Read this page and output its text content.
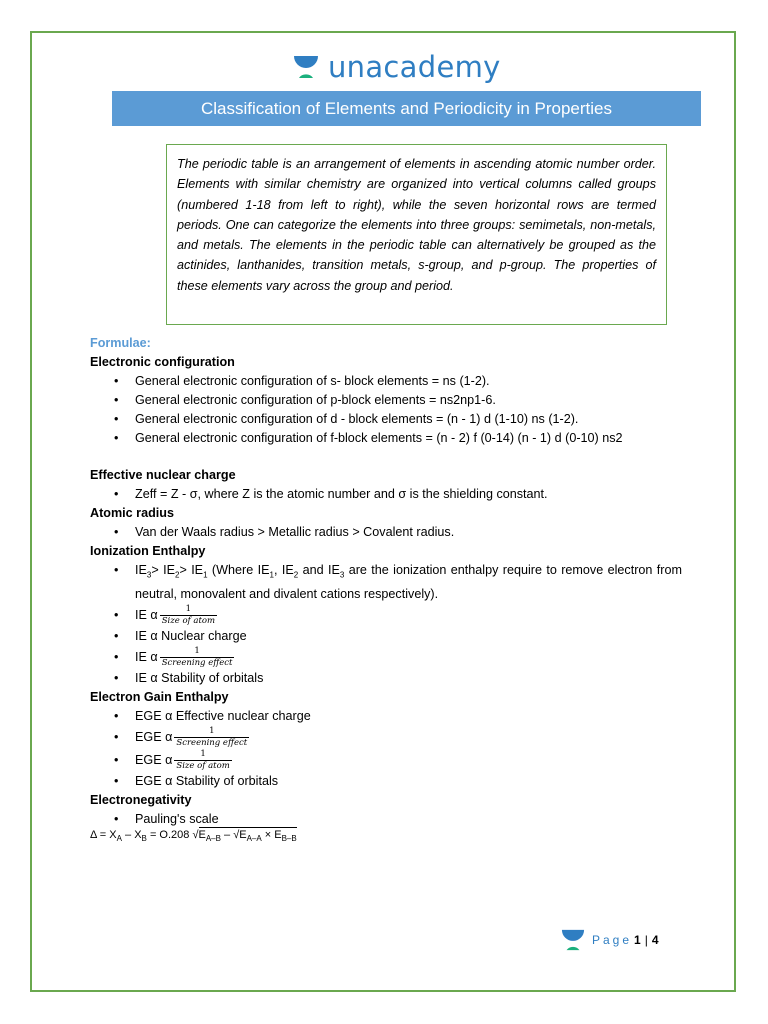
unacademy
Classification of Elements and Periodicity in Properties
The periodic table is an arrangement of elements in ascending atomic number order. Elements with similar chemistry are organized into vertical columns called groups (numbered 1-18 from left to right), while the seven horizontal rows are termed periods. One can categorize the elements into three groups: semimetals, non-metals, and metals. The elements in the periodic table can alternatively be grouped as the actinides, lanthanides, transition metals, s-group, and p-group. The properties of these elements vary across the group and period.
Formulae:
Electronic configuration
• General electronic configuration of s- block elements = ns (1-2).
• General electronic configuration of p-block elements = ns2np1-6.
• General electronic configuration of d - block elements = (n - 1) d (1-10) ns (1-2).
• General electronic configuration of f-block elements = (n - 2) f (0-14) (n - 1) d (0-10) ns2
Effective nuclear charge
• Zeff = Z - σ, where Z is the atomic number and σ is the shielding constant.
Atomic radius
• Van der Waals radius > Metallic radius > Covalent radius.
Ionization Enthalpy
• $IE_3> IE_2> IE_1$ (Where $IE_1$, $IE_2$ and $IE_3$ are the ionization enthalpy require to remove electron from neutral, monovalent and divalent cations respectively).
• IE α $\frac{1}{\text{Size of atom}}$
• IE α Nuclear charge
• IE α $\frac{1}{\text{Screening effect}}$
• IE α Stability of orbitals
Electron Gain Enthalpy
• EGE α Effective nuclear charge
• EGE α $\frac{1}{\text{Screening effect}}$
• EGE α $\frac{1}{\text{Size of atom}}$
• EGE α Stability of orbitals
Electronegativity
• Pauling's scale
$\Delta = X_A - X_B = O.208$ $√E_{A-B} - √E_{A-A} \times E_{B-B}$
Page 1 | 4
